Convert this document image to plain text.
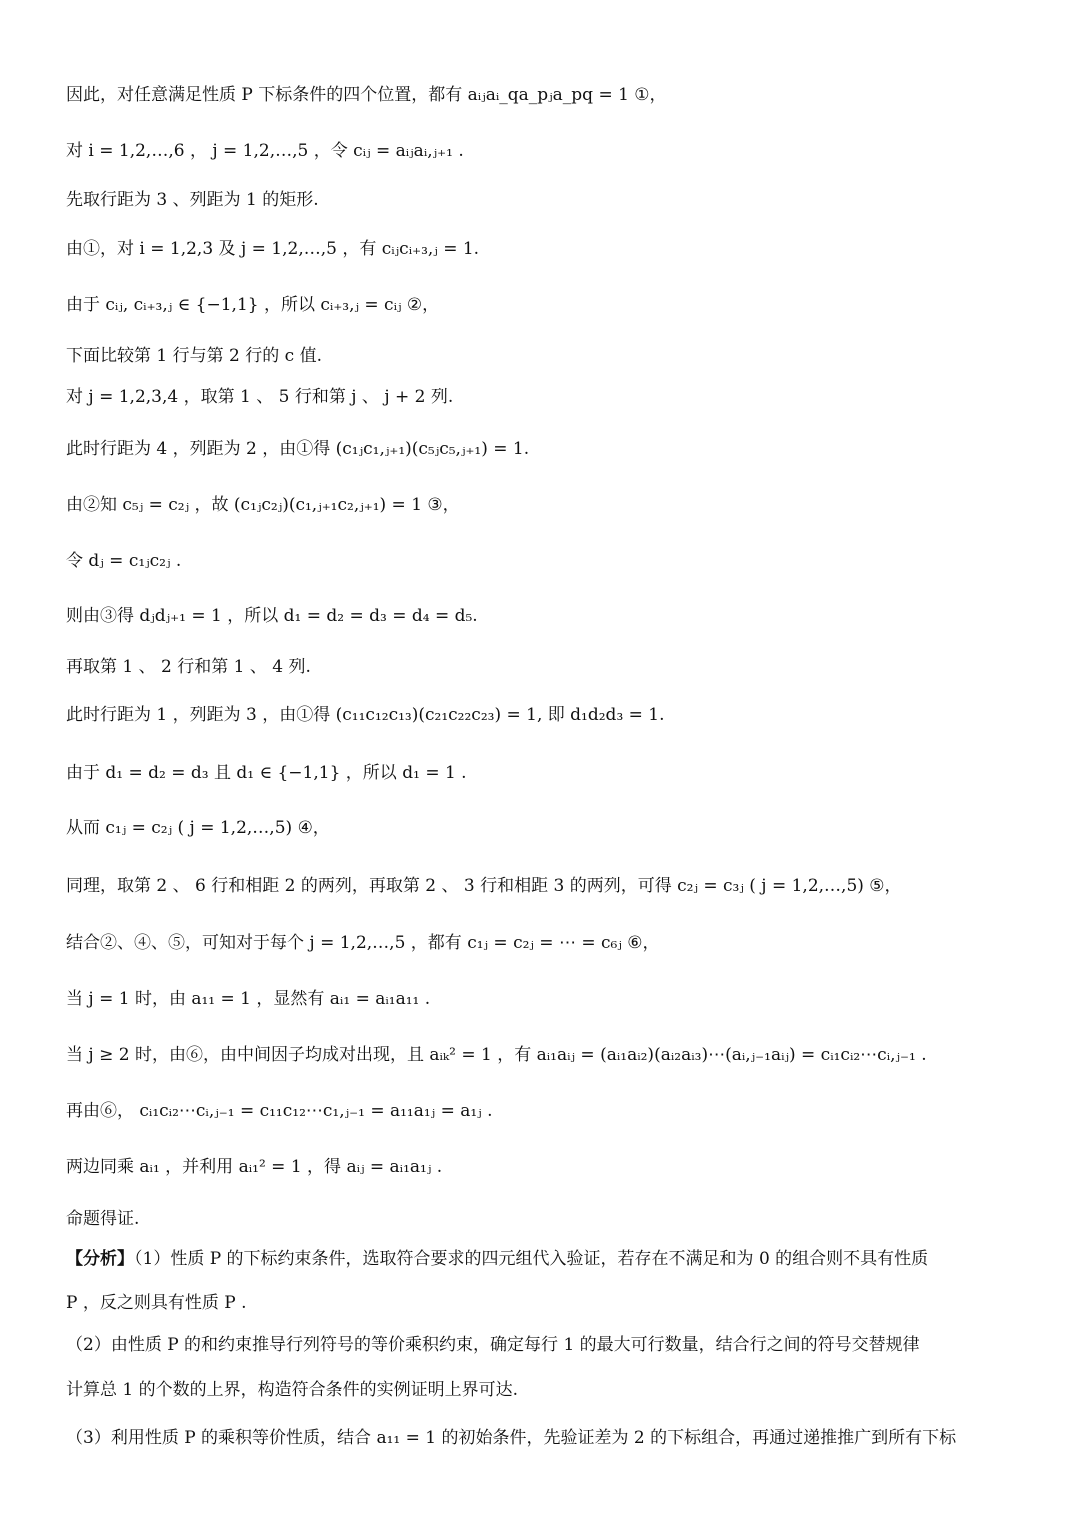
因此，对任意满足性质 P 下标条件的四个位置，都有 aᵢⱼaᵢ_qa_pⱼa_pq = 1 ①，
对 i = 1,2,…,6 ， j = 1,2,…,5 ，令 cᵢⱼ = aᵢⱼaᵢ,ⱼ₊₁ .
先取行距为 3 、列距为 1 的矩形.
由①，对 i = 1,2,3 及 j = 1,2,…,5 ，有 cᵢⱼcᵢ₊₃,ⱼ = 1.
由于 cᵢⱼ, cᵢ₊₃,ⱼ ∈ {−1,1} ，所以 cᵢ₊₃,ⱼ = cᵢⱼ ②，
下面比较第 1 行与第 2 行的 c 值.
对 j = 1,2,3,4 ，取第 1 、 5 行和第 j 、 j + 2 列.
此时行距为 4 ，列距为 2 ，由①得 (c₁ⱼc₁,ⱼ₊₁)(c₅ⱼc₅,ⱼ₊₁) = 1.
由②知 c₅ⱼ = c₂ⱼ ，故 (c₁ⱼc₂ⱼ)(c₁,ⱼ₊₁c₂,ⱼ₊₁) = 1 ③，
令 dⱼ = c₁ⱼc₂ⱼ .
则由③得 dⱼdⱼ₊₁ = 1 ，所以 d₁ = d₂ = d₃ = d₄ = d₅.
再取第 1 、 2 行和第 1 、 4 列.
此时行距为 1 ，列距为 3 ，由①得 (c₁₁c₁₂c₁₃)(c₂₁c₂₂c₂₃) = 1, 即 d₁d₂d₃ = 1.
由于 d₁ = d₂ = d₃ 且 d₁ ∈ {−1,1} ，所以 d₁ = 1 .
从而 c₁ⱼ = c₂ⱼ ( j = 1,2,…,5) ④，
同理，取第 2 、 6 行和相距 2 的两列，再取第 2 、 3 行和相距 3 的两列，可得 c₂ⱼ = c₃ⱼ ( j = 1,2,…,5) ⑤，
结合②、④、⑤，可知对于每个 j = 1,2,…,5 ，都有 c₁ⱼ = c₂ⱼ = ⋯ = c₆ⱼ ⑥，
当 j = 1 时，由 a₁₁ = 1 ，显然有 aᵢ₁ = aᵢ₁a₁₁ .
当 j ≥ 2 时，由⑥，由中间因子均成对出现，且 aᵢₖ² = 1 ，有 aᵢ₁aᵢⱼ = (aᵢ₁aᵢ₂)(aᵢ₂aᵢ₃)⋯(aᵢ,ⱼ₋₁aᵢⱼ) = cᵢ₁cᵢ₂⋯cᵢ,ⱼ₋₁ .
再由⑥， cᵢ₁cᵢ₂⋯cᵢ,ⱼ₋₁ = c₁₁c₁₂⋯c₁,ⱼ₋₁ = a₁₁a₁ⱼ = a₁ⱼ .
两边同乘 aᵢ₁ ，并利用 aᵢ₁² = 1 ，得 aᵢⱼ = aᵢ₁a₁ⱼ .
命题得证.
【分析】（1）性质 P 的下标约束条件，选取符合要求的四元组代入验证，若存在不满足和为 0 的组合则不具有性质
P ，反之则具有性质 P .
（2）由性质 P 的和约束推导行列符号的等价乘积约束，确定每行 1 的最大可行数量，结合行之间的符号交替规律
计算总 1 的个数的上界，构造符合条件的实例证明上界可达.
（3）利用性质 P 的乘积等价性质，结合 a₁₁ = 1 的初始条件，先验证差为 2 的下标组合，再通过递推推广到所有下标
